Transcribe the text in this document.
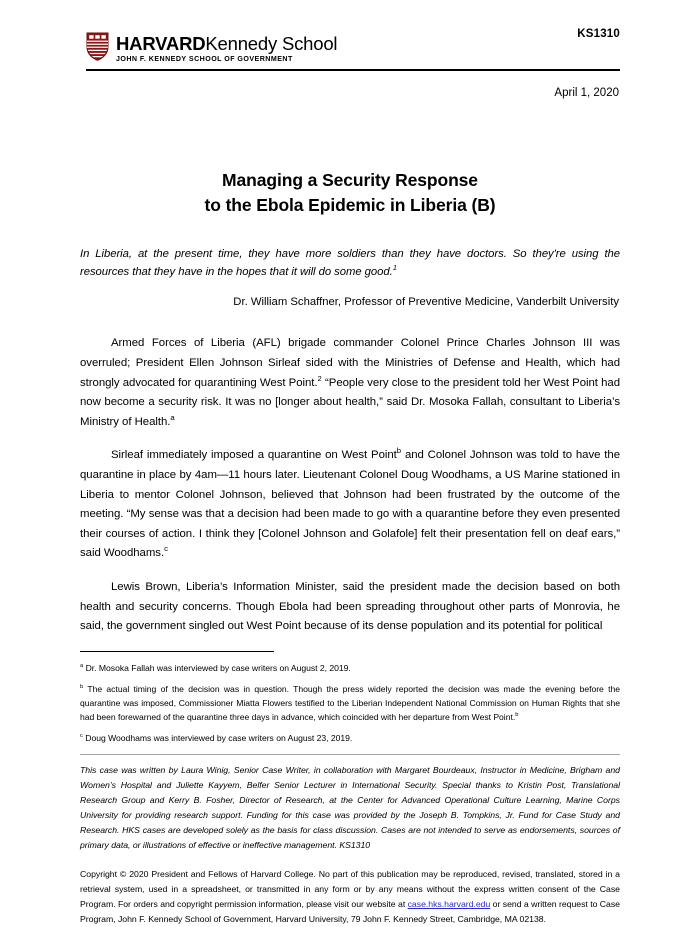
HARVARDKennedy School
JOHN F. KENNEDY SCHOOL OF GOVERNMENT
KS1310
April 1, 2020
Managing a Security Response
to the Ebola Epidemic in Liberia (B)
In Liberia, at the present time, they have more soldiers than they have doctors. So they're using the resources that they have in the hopes that it will do some good.$^1$
Dr. William Schaffner, Professor of Preventive Medicine, Vanderbilt University

Armed Forces of Liberia (AFL) brigade commander Colonel Prince Charles Johnson III was overruled; President Ellen Johnson Sirleaf sided with the Ministries of Defense and Health, which had strongly advocated for quarantining West Point.$^2$ “People very close to the president told her West Point had now become a security risk. It was no [longer about health,” said Dr. Mosoka Fallah, consultant to Liberia’s Ministry of Health.$^a$

Sirleaf immediately imposed a quarantine on West Point$^b$ and Colonel Johnson was told to have the quarantine in place by 4am—11 hours later. Lieutenant Colonel Doug Woodhams, a US Marine stationed in Liberia to mentor Colonel Johnson, believed that Johnson had been frustrated by the outcome of the meeting. “My sense was that a decision had been made to go with a quarantine before they even presented their courses of action. I think they [Colonel Johnson and Golafole] felt their presentation fell on deaf ears,” said Woodhams.$^c$

Lewis Brown, Liberia’s Information Minister, said the president made the decision based on both health and security concerns. Though Ebola had been spreading throughout other parts of Monrovia, he said, the government singled out West Point because of its dense population and its potential for political

$^a$ Dr. Mosoka Fallah was interviewed by case writers on August 2, 2019.

$^b$ The actual timing of the decision was in question. Though the press widely reported the decision was made the evening before the quarantine was imposed, Commissioner Miatta Flowers testified to the Liberian Independent National Commission on Human Rights that she had been forewarned of the quarantine three days in advance, which coincided with her departure from West Point.$^b$

$^c$ Doug Woodhams was interviewed by case writers on August 23, 2019.

This case was written by Laura Winig, Senior Case Writer, in collaboration with Margaret Bourdeaux, Instructor in Medicine, Brigham and Women’s Hospital and Juliette Kayyem, Belfer Senior Lecturer in International Security. Special thanks to Kristin Post, Translational Research Group and Kerry B. Fosher, Director of Research, at the Center for Advanced Operational Culture Learning, Marine Corps University for providing research support. Funding for this case was provided by the Joseph B. Tompkins, Jr. Fund for Case Study and Research. HKS cases are developed solely as the basis for class discussion. Cases are not intended to serve as endorsements, sources of primary data, or illustrations of effective or ineffective management. KS1310
Copyright © 2020 President and Fellows of Harvard College. No part of this publication may be reproduced, revised, translated, stored in a retrieval system, used in a spreadsheet, or transmitted in any form or by any means without the express written consent of the Case Program. For orders and copyright permission information, please visit our website at case.hks.harvard.edu or send a written request to Case Program, John F. Kennedy School of Government, Harvard University, 79 John F. Kennedy Street, Cambridge, MA 02138.
